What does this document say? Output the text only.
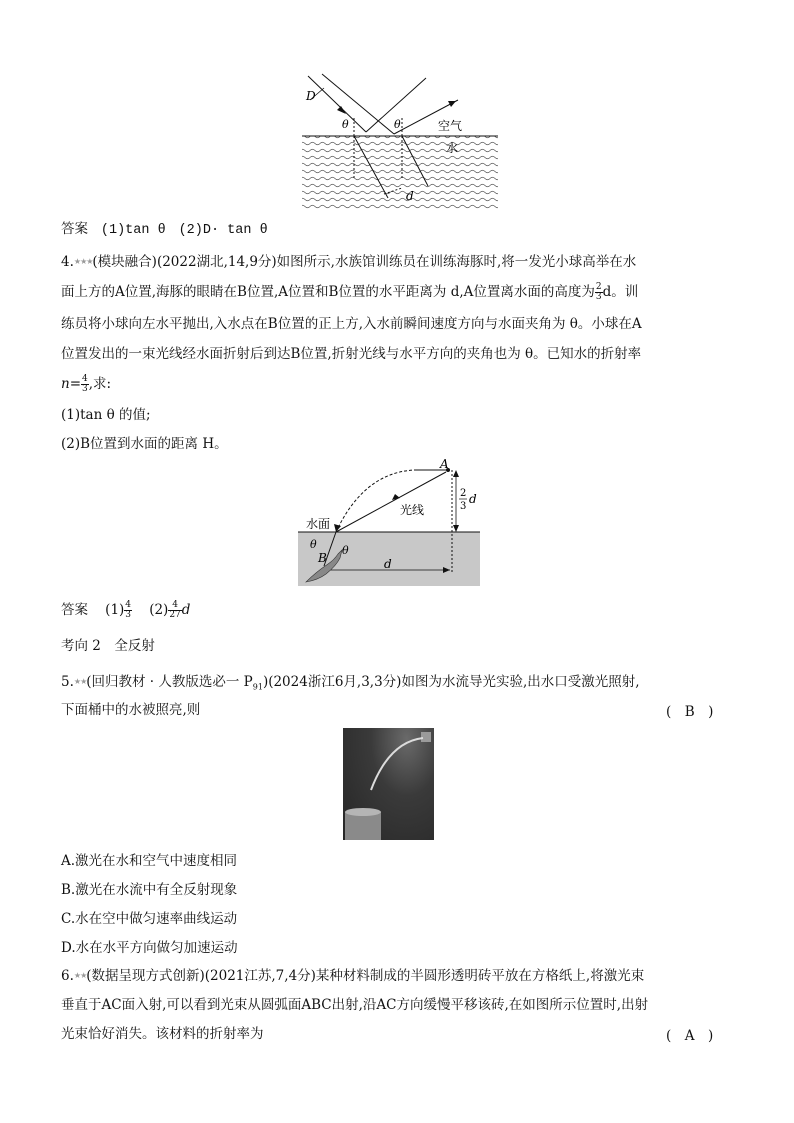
D
θ	θ	空气
水
d
答案 (1)tan θ (2)D· tan θ
4.★★★(模块融合)(2022湖北,14,9分)如图所示,水族馆训练员在训练海豚时,将一发光小球高举在水
面上方的A位置,海豚的眼睛在B位置,A位置和B位置的水平距离为 d,A位置离水面的高度为 $\frac{2}{3}$ d。训
练员将小球向左水平抛出,入水点在B位置的正上方,入水前瞬间速度方向与水面夹角为 θ。小球在A
位置发出的一束光线经水面折射后到达B位置,折射光线与水平方向的夹角也为 θ。已知水的折射率
$n= \frac{4}{3}$ ,求:
(1)tan θ 的值;
(2)B位置到水面的距离 H。
A
2
3
d
光线
水面
θ θ
B	d
答案 $(1) \frac{4}{3} (2) \frac{4}{27}$ d
考向 2　全反射
5.★★(回归教材 · 人教版选必一 $P_{91})(2024$浙江6月,3,3分)如图为水流导光实验,出水口受激光照射,
下面桶中的水被照亮,则	(　B　)
A.激光在水和空气中速度相同
B.激光在水流中有全反射现象
C.水在空中做匀速率曲线运动
D.水在水平方向做匀加速运动
6.★★(数据呈现方式创新)(2021江苏,7,4分)某种材料制成的半圆形透明砖平放在方格纸上,将激光束
垂直于AC面入射,可以看到光束从圆弧面ABC出射,沿AC方向缓慢平移该砖,在如图所示位置时,出射
光束恰好消失。该材料的折射率为	(　A　)
